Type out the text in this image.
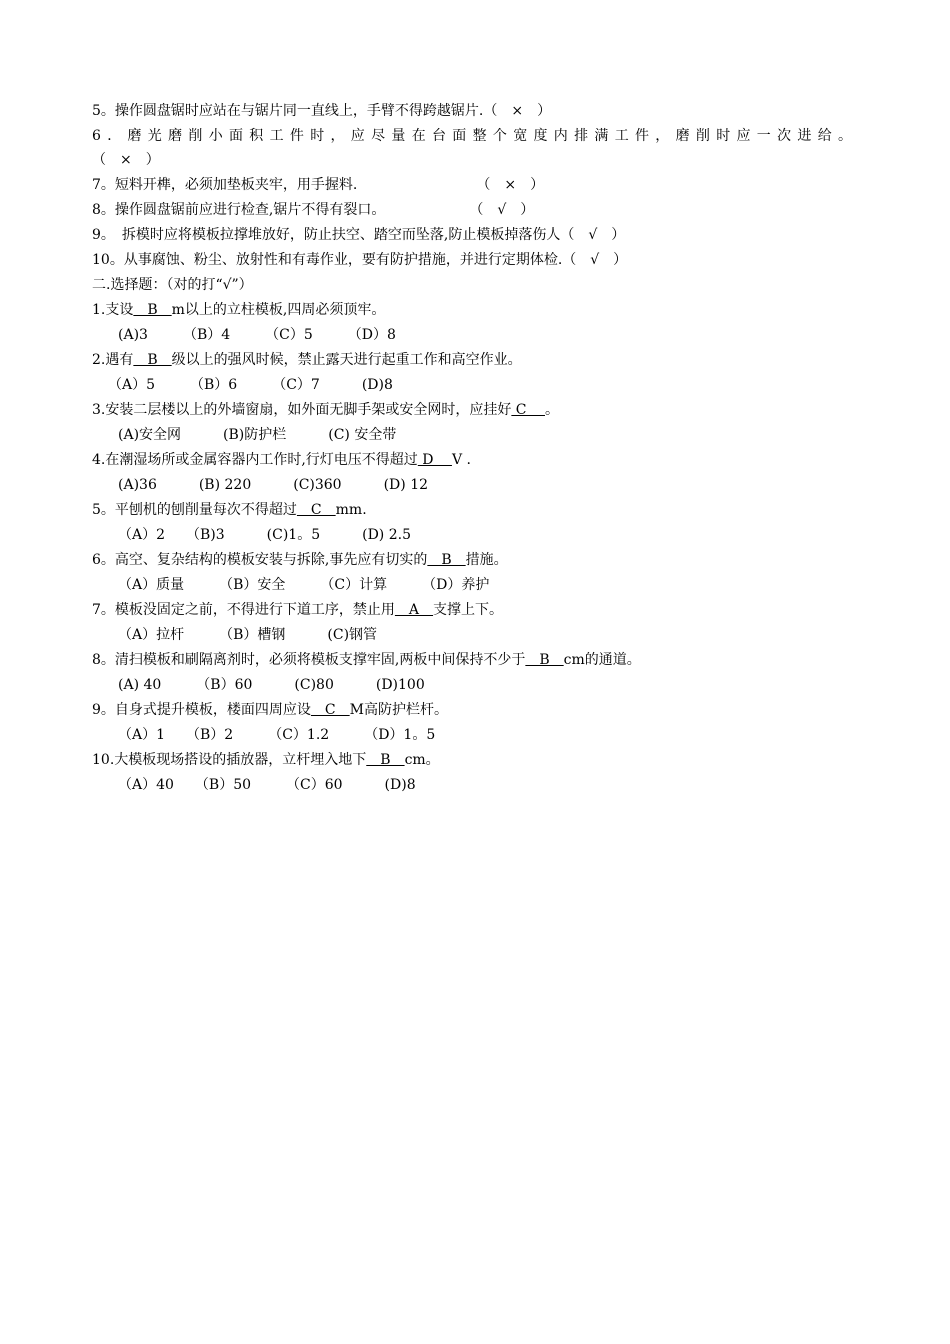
5。操作圆盘锯时应站在与锯片同一直线上，手臂不得跨越锯片.（　×　）
6．磨光磨削小面积工件时，应尽量在台面整个宽度内排满工件，磨削时应一次进给。
（　×　）
7。短料开榫，必须加垫板夹牢，用手握料.　　　　　　　　　（　×　）
8。操作圆盘锯前应进行检查,锯片不得有裂口。　　　　　　　（　√　）
9。　拆模时应将模板拉撑堆放好，防止扶空、踏空而坠落,防止模板掉落伤人（　√　）
10。从事腐蚀、粉尘、放射性和有毒作业，要有防护措施，并进行定期体检.（　√　）
二.选择题：（对的打“√”）
1.支设　B　m以上的立柱模板,四周必须顶牢。
(A)3　　　（B）4　　　（C）5　　　（D）8
2.遇有　B　级以上的强风时候，禁止露天进行起重工作和高空作业。
（A）5　　　（B）6　　　（C）7　　　(D)8
3.安装二层楼以上的外墙窗扇，如外面无脚手架或安全网时，应挂好 C　 。
(A)安全网　　　(B)防护栏　　　(C) 安全带
4.在潮湿场所或金属容器内工作时,行灯电压不得超过 D　 V .
(A)36　　　(B) 220　　　(C)360　　　(D) 12
5。平刨机的刨削量每次不得超过　C　mm.
（A）2　　（B)3　　　(C)1。5　　　(D) 2.5
6。高空、复杂结构的模板安装与拆除,事先应有切实的　B　措施。
（A）质量　　　（B）安全　　　（C）计算　　　（D）养护
7。模板没固定之前，不得进行下道工序，禁止用　A　支撑上下。
（A）拉杆　　　（B）槽钢　　　(C)钢管
8。清扫模板和刷隔离剂时，必须将模板支撑牢固,两板中间保持不少于　B　cm的通道。
(A) 40　　　（B）60　　　(C)80　　　(D)100
9。自身式提升模板，楼面四周应设　C　M高防护栏杆。
（A）1　　（B）2　　　（C）1.2　　　（D）1。5
10.大模板现场搭设的插放器，立杆埋入地下　B　cm。
（A）40　　（B）50　　　（C）60　　　(D)8
